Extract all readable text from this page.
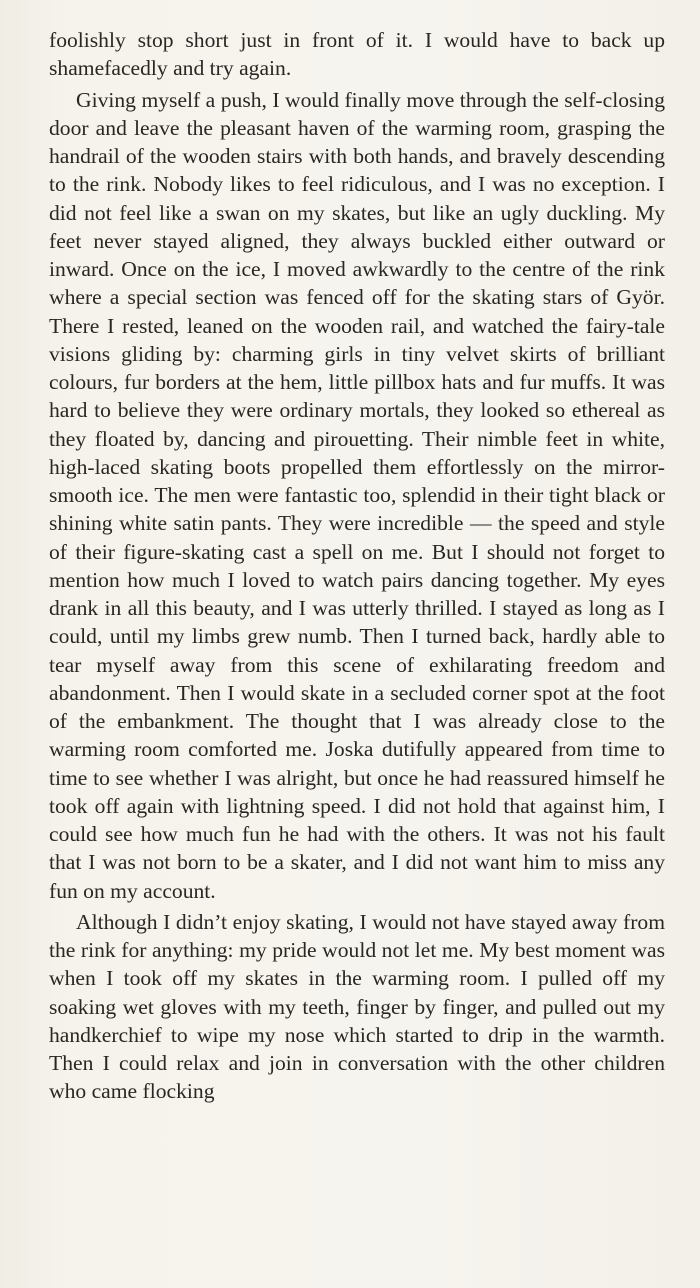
foolishly stop short just in front of it. I would have to back up shamefacedly and try again.

Giving myself a push, I would finally move through the self-closing door and leave the pleasant haven of the warming room, grasping the handrail of the wooden stairs with both hands, and bravely descending to the rink. Nobody likes to feel ridiculous, and I was no exception. I did not feel like a swan on my skates, but like an ugly duckling. My feet never stayed aligned, they always buckled either outward or inward. Once on the ice, I moved awkwardly to the centre of the rink where a special section was fenced off for the skating stars of Györ. There I rested, leaned on the wooden rail, and watched the fairy-tale visions gliding by: charming girls in tiny velvet skirts of brilliant colours, fur borders at the hem, little pillbox hats and fur muffs. It was hard to believe they were ordinary mortals, they looked so ethereal as they floated by, dancing and pirouetting. Their nimble feet in white, high-laced skating boots propelled them effortlessly on the mirror-smooth ice. The men were fantastic too, splendid in their tight black or shining white satin pants. They were incredible — the speed and style of their figure-skating cast a spell on me. But I should not forget to mention how much I loved to watch pairs dancing together. My eyes drank in all this beauty, and I was utterly thrilled. I stayed as long as I could, until my limbs grew numb. Then I turned back, hardly able to tear myself away from this scene of exhilarating freedom and abandonment. Then I would skate in a secluded corner spot at the foot of the embankment. The thought that I was already close to the warming room comforted me. Joska dutifully appeared from time to time to see whether I was alright, but once he had reassured himself he took off again with lightning speed. I did not hold that against him, I could see how much fun he had with the others. It was not his fault that I was not born to be a skater, and I did not want him to miss any fun on my account.

Although I didn’t enjoy skating, I would not have stayed away from the rink for anything: my pride would not let me. My best moment was when I took off my skates in the warming room. I pulled off my soaking wet gloves with my teeth, finger by finger, and pulled out my handkerchief to wipe my nose which started to drip in the warmth. Then I could relax and join in conversation with the other children who came flocking
